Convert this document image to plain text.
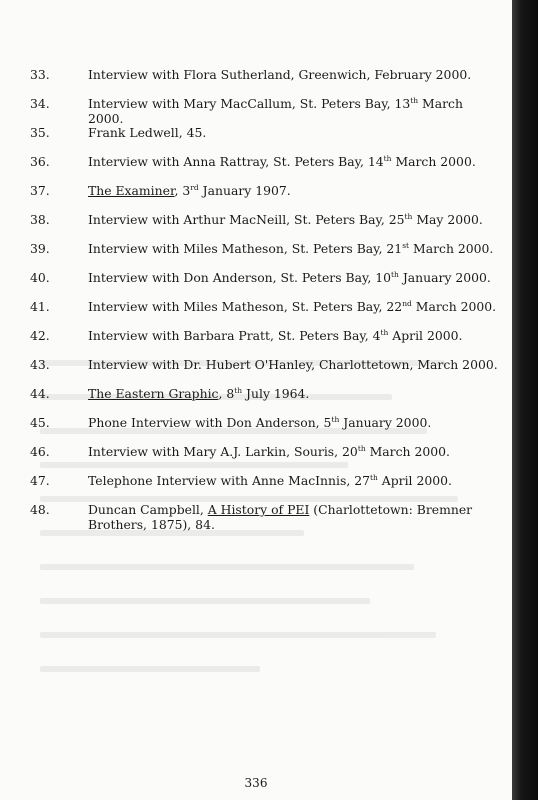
33.	Interview with Flora Sutherland, Greenwich, February 2000.
34.	Interview with Mary MacCallum, St. Peters Bay, 13th March 2000.
35.	Frank Ledwell, 45.
36.	Interview with Anna Rattray, St. Peters Bay, 14th March 2000.
37.	The Examiner, 3rd January 1907.
38.	Interview with Arthur MacNeill, St. Peters Bay, 25th May 2000.
39.	Interview with Miles Matheson, St. Peters Bay, 21st March 2000.
40.	Interview with Don Anderson, St. Peters Bay, 10th January 2000.
41.	Interview with Miles Matheson, St. Peters Bay, 22nd March 2000.
42.	Interview with Barbara Pratt, St. Peters Bay, 4th April 2000.
43.	Interview with Dr. Hubert O'Hanley, Charlottetown, March 2000.
44.	The Eastern Graphic, 8th July 1964.
45.	Phone Interview with Don Anderson, 5th January 2000.
46.	Interview with Mary A.J. Larkin, Souris, 20th March 2000.
47.	Telephone Interview with Anne MacInnis, 27th April 2000.
48.	Duncan Campbell, A History of PEI (Charlottetown: Bremner
Brothers, 1875), 84.
336
